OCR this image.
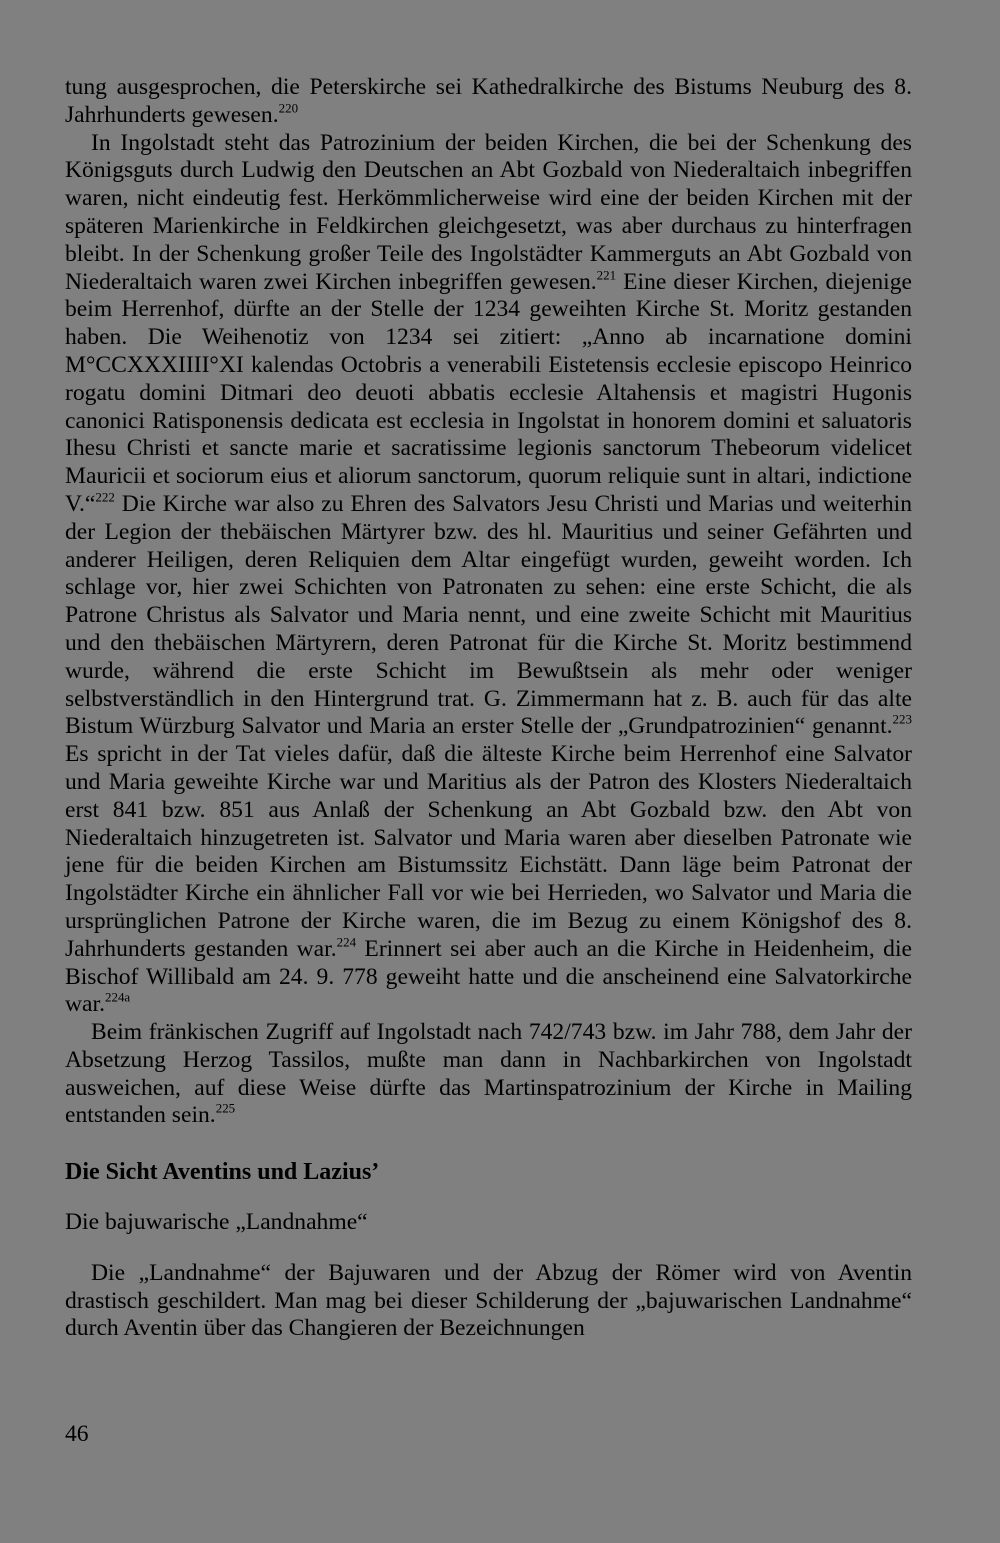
tung ausgesprochen, die Peterskirche sei Kathedralkirche des Bistums Neuburg des 8. Jahrhunderts gewesen.$^{220}$

In Ingolstadt steht das Patrozinium der beiden Kirchen, die bei der Schenkung des Königsguts durch Ludwig den Deutschen an Abt Gozbald von Niederaltaich inbegriffen waren, nicht eindeutig fest. Herkömmlicherweise wird eine der beiden Kirchen mit der späteren Marienkirche in Feldkirchen gleichgesetzt, was aber durchaus zu hinterfragen bleibt. In der Schenkung großer Teile des Ingolstädter Kammerguts an Abt Gozbald von Niederaltaich waren zwei Kirchen inbegriffen gewesen.$^{221}$ Eine dieser Kirchen, diejenige beim Herrenhof, dürfte an der Stelle der 1234 geweihten Kirche St. Moritz gestanden haben. Die Weihenotiz von 1234 sei zitiert: „Anno ab incarnatione domini M°CCXXXIIII°XI kalendas Octobris a venerabili Eistetensis ecclesie episcopo Heinrico rogatu domini Ditmari deo deuoti abbatis ecclesie Altahensis et magistri Hugonis canonici Ratisponensis dedicata est ecclesia in Ingolstat in honorem domini et saluatoris Ihesu Christi et sancte marie et sacratissime legionis sanctorum Thebeorum videlicet Mauricii et sociorum eius et aliorum sanctorum, quorum reliquie sunt in altari, indictione V.“$^{222}$ Die Kirche war also zu Ehren des Salvators Jesu Christi und Marias und weiterhin der Legion der thebäischen Märtyrer bzw. des hl. Mauritius und seiner Gefährten und anderer Heiligen, deren Reliquien dem Altar eingefügt wurden, geweiht worden. Ich schlage vor, hier zwei Schichten von Patronaten zu sehen: eine erste Schicht, die als Patrone Christus als Salvator und Maria nennt, und eine zweite Schicht mit Mauritius und den thebäischen Märtyrern, deren Patronat für die Kirche St. Moritz bestimmend wurde, während die erste Schicht im Bewußtsein als mehr oder weniger selbstverständlich in den Hintergrund trat. G. Zimmermann hat z. B. auch für das alte Bistum Würzburg Salvator und Maria an erster Stelle der „Grundpatrozinien“ genannt.$^{223}$ Es spricht in der Tat vieles dafür, daß die älteste Kirche beim Herrenhof eine Salvator und Maria geweihte Kirche war und Maritius als der Patron des Klosters Niederaltaich erst 841 bzw. 851 aus Anlaß der Schenkung an Abt Gozbald bzw. den Abt von Niederaltaich hinzugetreten ist. Salvator und Maria waren aber dieselben Patronate wie jene für die beiden Kirchen am Bistumssitz Eichstätt. Dann läge beim Patronat der Ingolstädter Kirche ein ähnlicher Fall vor wie bei Herrieden, wo Salvator und Maria die ursprünglichen Patrone der Kirche waren, die im Bezug zu einem Königshof des 8. Jahrhunderts gestanden war.$^{224}$ Erinnert sei aber auch an die Kirche in Heidenheim, die Bischof Willibald am 24. 9. 778 geweiht hatte und die anscheinend eine Salvatorkirche war.$^{224a}$

Beim fränkischen Zugriff auf Ingolstadt nach 742/743 bzw. im Jahr 788, dem Jahr der Absetzung Herzog Tassilos, mußte man dann in Nachbarkirchen von Ingolstadt ausweichen, auf diese Weise dürfte das Martinspatrozinium der Kirche in Mailing entstanden sein.$^{225}$

Die Sicht Aventins und Lazius’

Die bajuwarische „Landnahme“

Die „Landnahme“ der Bajuwaren und der Abzug der Römer wird von Aventin drastisch geschildert. Man mag bei dieser Schilderung der „bajuwarischen Landnahme“ durch Aventin über das Changieren der Bezeichnungen

46
